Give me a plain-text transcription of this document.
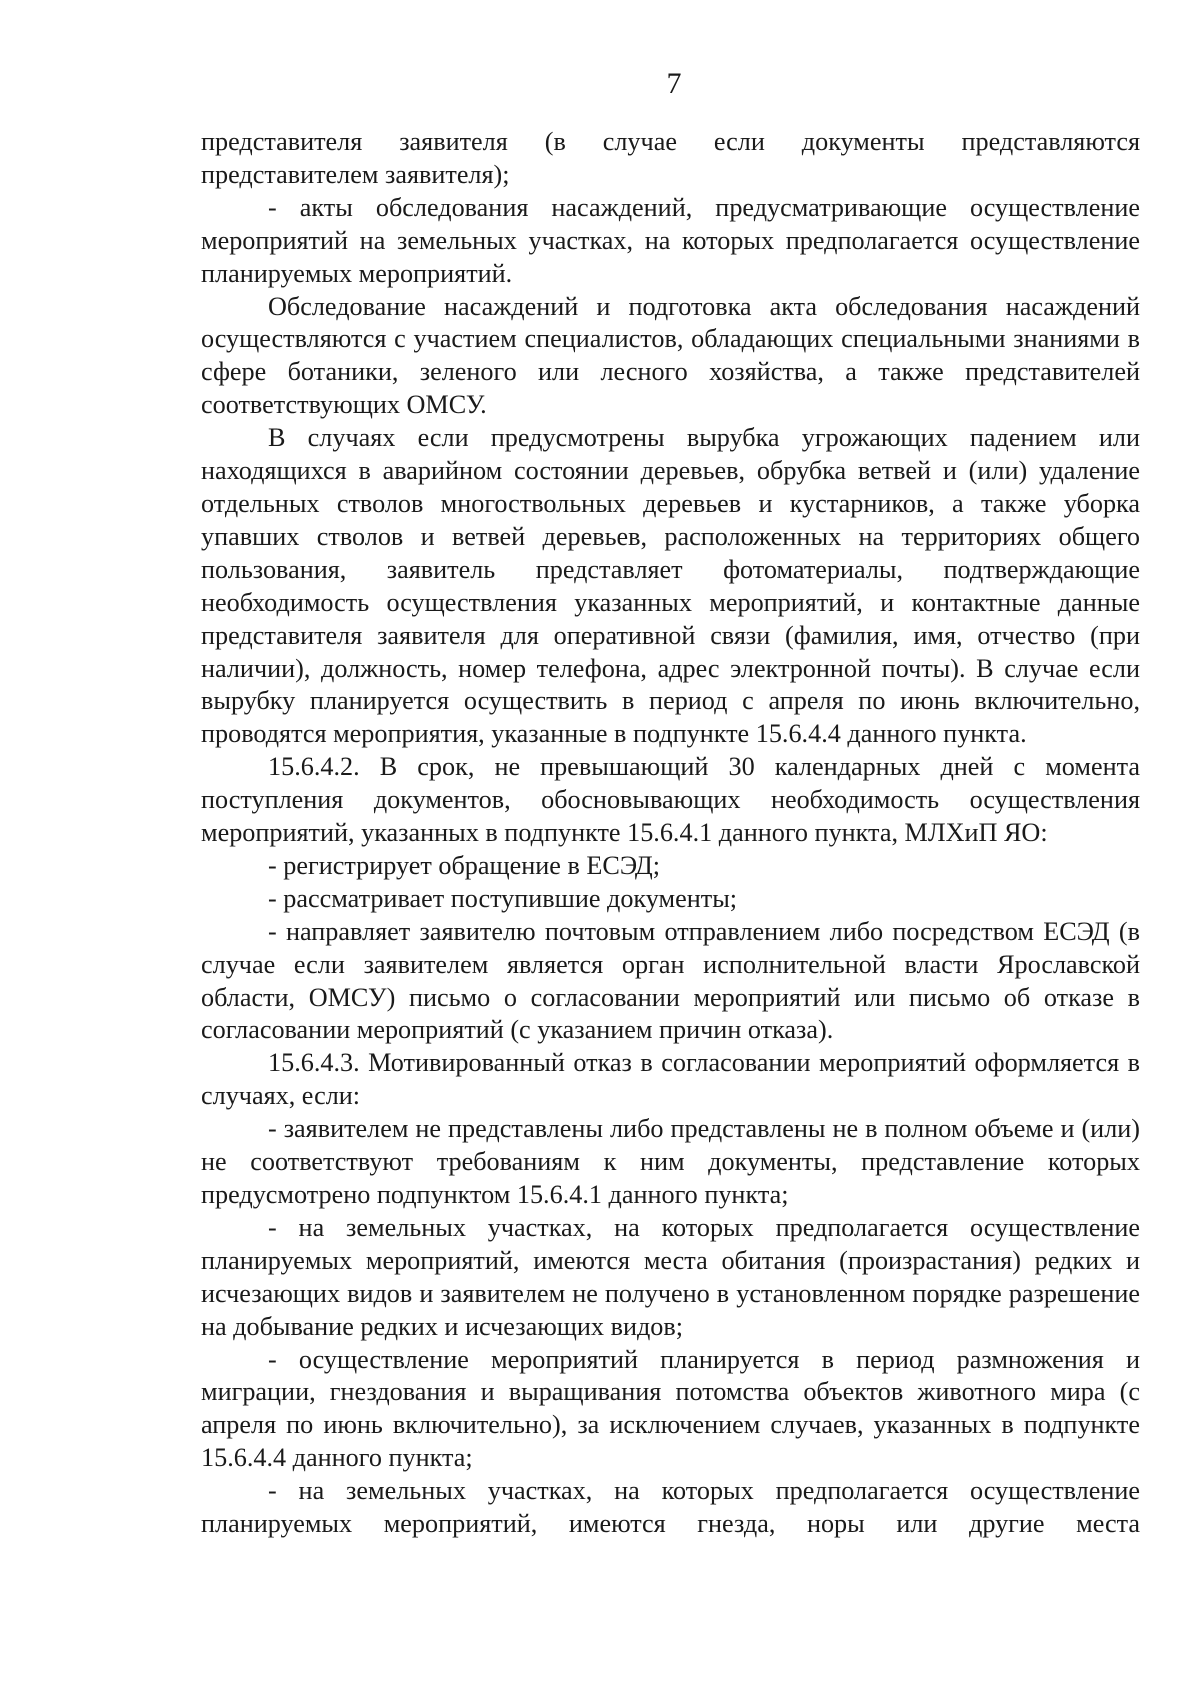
7

представителя заявителя (в случае если документы представляются представителем заявителя);

- акты обследования насаждений, предусматривающие осуществление мероприятий на земельных участках, на которых предполагается осуществление планируемых мероприятий.

Обследование насаждений и подготовка акта обследования насаждений осуществляются с участием специалистов, обладающих специальными знаниями в сфере ботаники, зеленого или лесного хозяйства, а также представителей соответствующих ОМСУ.

В случаях если предусмотрены вырубка угрожающих падением или находящихся в аварийном состоянии деревьев, обрубка ветвей и (или) удаление отдельных стволов многоствольных деревьев и кустарников, а также уборка упавших стволов и ветвей деревьев, расположенных на территориях общего пользования, заявитель представляет фотоматериалы, подтверждающие необходимость осуществления указанных мероприятий, и контактные данные представителя заявителя для оперативной связи (фамилия, имя, отчество (при наличии), должность, номер телефона, адрес электронной почты). В случае если вырубку планируется осуществить в период с апреля по июнь включительно, проводятся мероприятия, указанные в подпункте 15.6.4.4 данного пункта.

15.6.4.2. В срок, не превышающий 30 календарных дней с момента поступления документов, обосновывающих необходимость осуществления мероприятий, указанных в подпункте 15.6.4.1 данного пункта, МЛХиП ЯО:

- регистрирует обращение в ЕСЭД;

- рассматривает поступившие документы;

- направляет заявителю почтовым отправлением либо посредством ЕСЭД (в случае если заявителем является орган исполнительной власти Ярославской области, ОМСУ) письмо о согласовании мероприятий или письмо об отказе в согласовании мероприятий (с указанием причин отказа).

15.6.4.3. Мотивированный отказ в согласовании мероприятий оформляется в случаях, если:

- заявителем не представлены либо представлены не в полном объеме и (или) не соответствуют требованиям к ним документы, представление которых предусмотрено подпунктом 15.6.4.1 данного пункта;

- на земельных участках, на которых предполагается осуществление планируемых мероприятий, имеются места обитания (произрастания) редких и исчезающих видов и заявителем не получено в установленном порядке разрешение на добывание редких и исчезающих видов;

- осуществление мероприятий планируется в период размножения и миграции, гнездования и выращивания потомства объектов животного мира (с апреля по июнь включительно), за исключением случаев, указанных в подпункте 15.6.4.4 данного пункта;

- на земельных участках, на которых предполагается осуществление планируемых мероприятий, имеются гнезда, норы или другие места
